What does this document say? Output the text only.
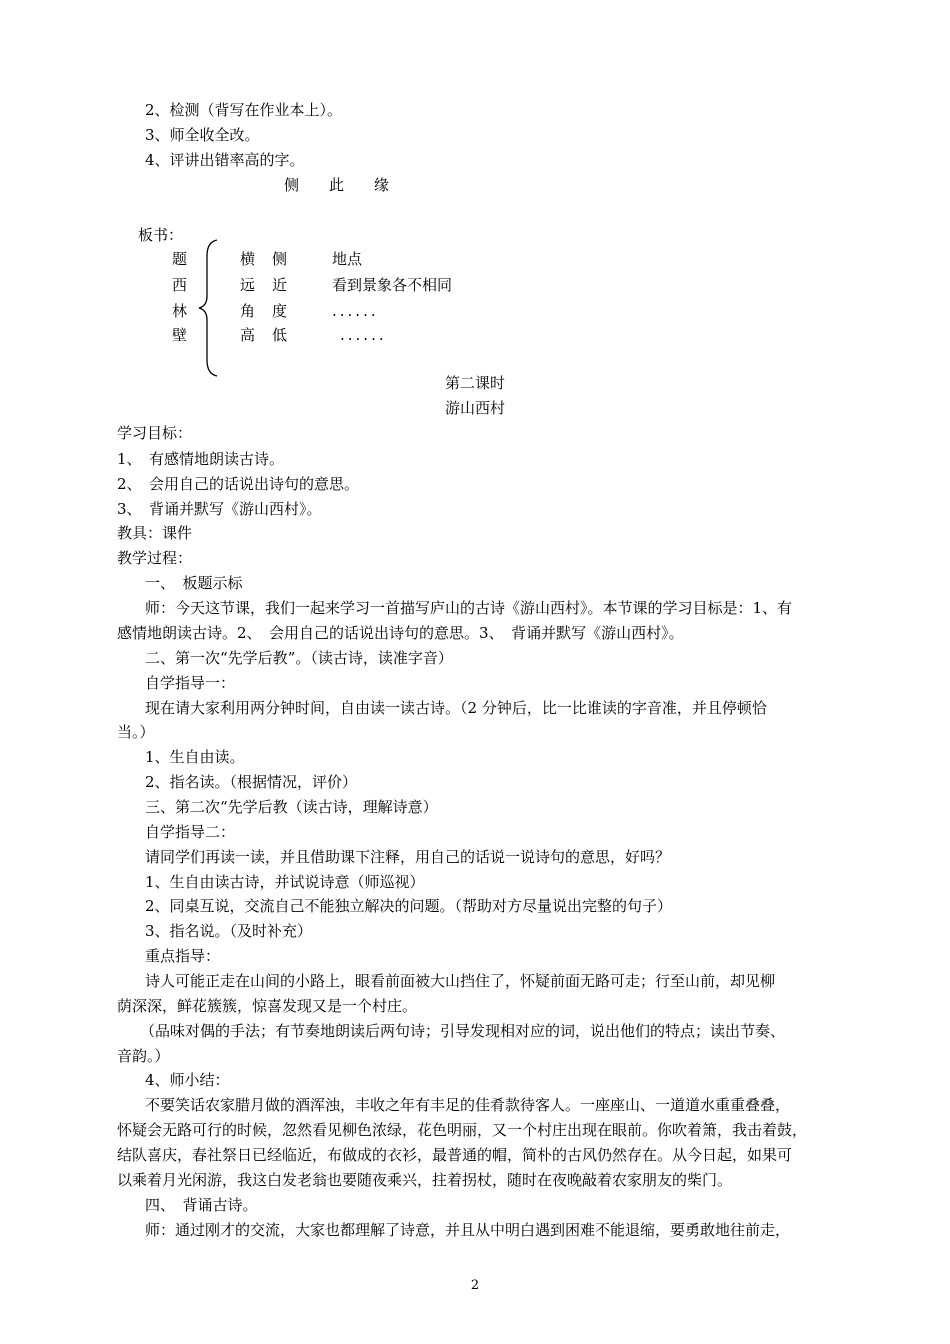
2、检测（背写在作业本上）。
3、师全收全改。
4、评讲出错率高的字。
侧　　此　　缘
板书：
题
西
林
壁
横 侧	地点
远 近	看到景象各不相同
角 度	......
高 低	......
第二课时
游山西村
学习目标：
1、　有感情地朗读古诗。
2、　会用自己的话说出诗句的意思。
3、　背诵并默写《游山西村》。
教具：课件
教学过程：
一、　板题示标
师：今天这节课，我们一起来学习一首描写庐山的古诗《游山西村》。本节课的学习目标是：1、有
感情地朗读古诗。2、　会用自己的话说出诗句的意思。3、　背诵并默写《游山西村》。
二、第一次“先学后教”。（读古诗，读准字音）
自学指导一：
现在请大家利用两分钟时间，自由读一读古诗。（2 分钟后，比一比谁读的字音准，并且停顿恰
当。）
1、生自由读。
2、指名读。（根据情况，评价）
三、第二次“先学后教（读古诗，理解诗意）
自学指导二：
请同学们再读一读，并且借助课下注释，用自己的话说一说诗句的意思，好吗？
1、生自由读古诗，并试说诗意（师巡视）
2、同桌互说，交流自己不能独立解决的问题。（帮助对方尽量说出完整的句子）
3、指名说。（及时补充）
重点指导：
诗人可能正走在山间的小路上，眼看前面被大山挡住了，怀疑前面无路可走；行至山前，却见柳
荫深深，鲜花簇簇，惊喜发现又是一个村庄。
（品味对偶的手法；有节奏地朗读后两句诗；引导发现相对应的词，说出他们的特点；读出节奏、
音韵。）
4、师小结：
不要笑话农家腊月做的酒浑浊，丰收之年有丰足的佳肴款待客人。一座座山、一道道水重重叠叠，
怀疑会无路可行的时候，忽然看见柳色浓绿，花色明丽，又一个村庄出现在眼前。你吹着箫，我击着鼓，
结队喜庆，春社祭日已经临近，布做成的衣衫，最普通的帽，简朴的古风仍然存在。从今日起，如果可
以乘着月光闲游，我这白发老翁也要随夜乘兴，拄着拐杖，随时在夜晚敲着农家朋友的柴门。
四、　背诵古诗。
师：通过刚才的交流，大家也都理解了诗意，并且从中明白遇到困难不能退缩，要勇敢地往前走，
2
